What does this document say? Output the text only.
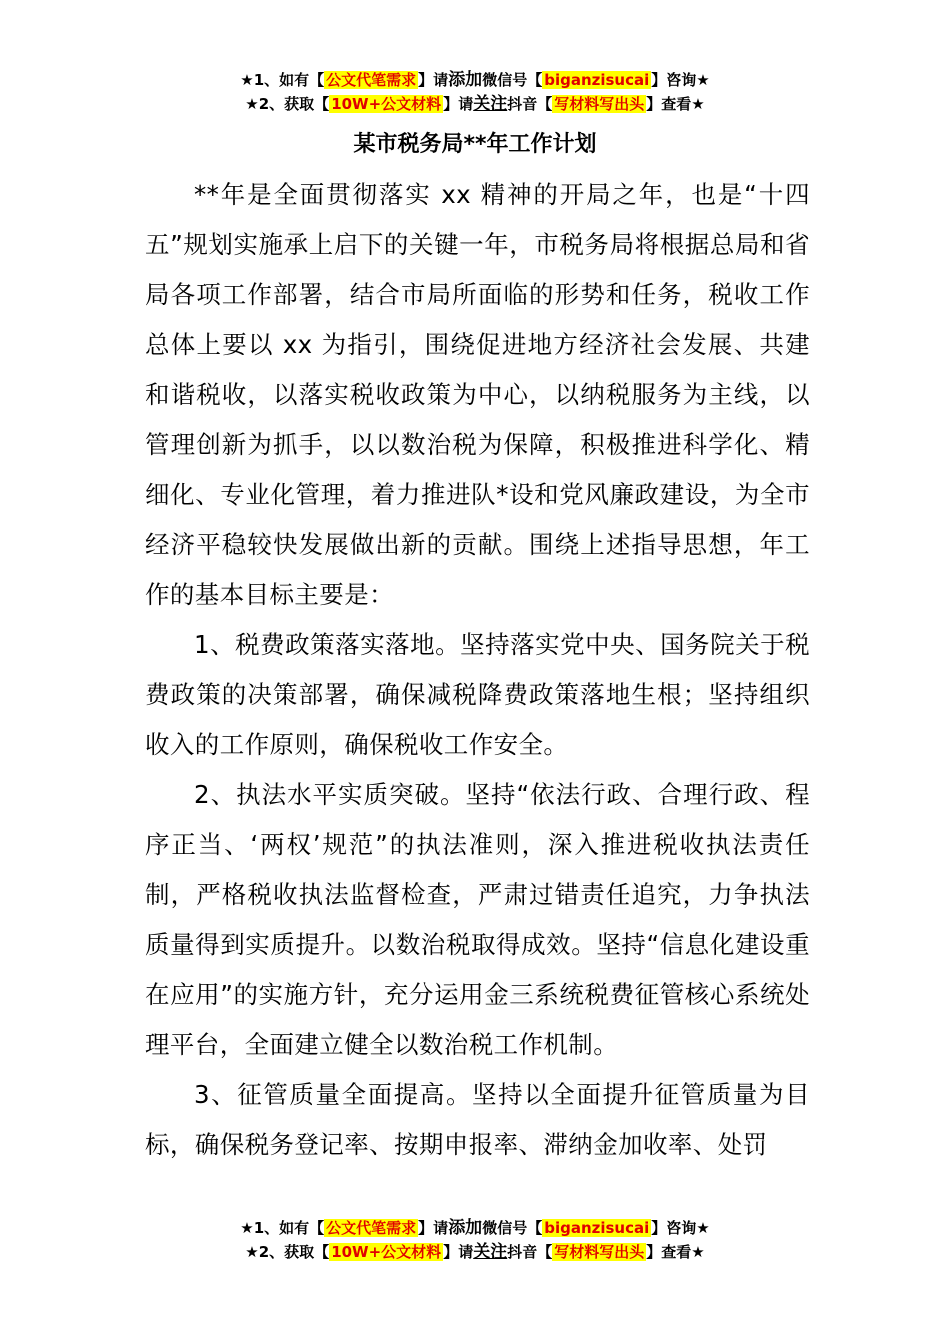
★1、如有【 公文代笔需求 】请添加微信号【 biganzisucai 】咨询★
★2、获取【 10W+公文材料 】请关注抖音【 写材料写出头 】查看★
某市税务局**年工作计划

**年是全面贯彻落实 xx 精神的开局之年，也是“十四五”规划实施承上启下的关键一年，市税务局将根据总局和省局各项工作部署，结合市局所面临的形势和任务，税收工作总体上要以 xx 为指引，围绕促进地方经济社会发展、共建和谐税收，以落实税收政策为中心，以纳税服务为主线，以管理创新为抓手，以以数治税为保障，积极推进科学化、精细化、专业化管理，着力推进队*设和党风廉政建设，为全市经济平稳较快发展做出新的贡献。围绕上述指导思想，年工作的基本目标主要是：

1、税费政策落实落地。坚持落实党中央、国务院关于税费政策的决策部署，确保减税降费政策落地生根；坚持组织收入的工作原则，确保税收工作安全。

2、执法水平实质突破。坚持“依法行政、合理行政、程序正当、‘两权’规范”的执法准则，深入推进税收执法责任制，严格税收执法监督检查，严肃过错责任追究，力争执法质量得到实质提升。以数治税取得成效。坚持“信息化建设重在应用”的实施方针，充分运用金三系统税费征管核心系统处理平台，全面建立健全以数治税工作机制。

3、征管质量全面提高。坚持以全面提升征管质量为目标，确保税务登记率、按期申报率、滞纳金加收率、处罚

★1、如有【 公文代笔需求 】请添加微信号【 biganzisucai 】咨询★
★2、获取【 10W+公文材料 】请关注抖音【 写材料写出头 】查看★
